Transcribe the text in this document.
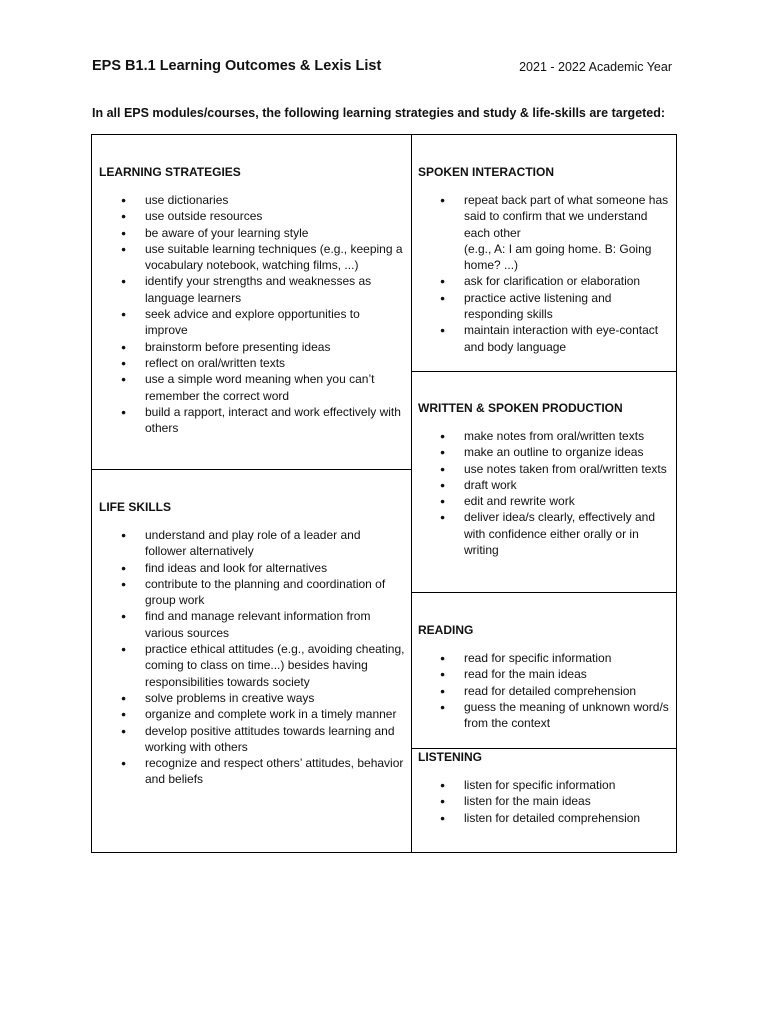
EPS B1.1 Learning Outcomes & Lexis List	2021 - 2022 Academic Year
In all EPS modules/courses, the following learning strategies and study & life-skills are targeted:
LEARNING STRATEGIES
● use dictionaries
● use outside resources
● be aware of your learning style
● use suitable learning techniques (e.g., keeping a vocabulary notebook, watching films, ...)
● identify your strengths and weaknesses as language learners
● seek advice and explore opportunities to improve
● brainstorm before presenting ideas
● reflect on oral/written texts
● use a simple word meaning when you can’t remember the correct word
● build a rapport, interact and work effectively with others
LIFE SKILLS
● understand and play role of a leader and follower alternatively
● find ideas and look for alternatives
● contribute to the planning and coordination of group work
● find and manage relevant information from various sources
● practice ethical attitudes (e.g., avoiding cheating, coming to class on time...) besides having responsibilities towards society
● solve problems in creative ways
● organize and complete work in a timely manner
● develop positive attitudes towards learning and working with others
● recognize and respect others’ attitudes, behavior and beliefs
SPOKEN INTERACTION
● repeat back part of what someone has said to confirm that we understand each other
(e.g., A: I am going home. B: Going home? ...)
● ask for clarification or elaboration
● practice active listening and responding skills
● maintain interaction with eye-contact and body language
WRITTEN & SPOKEN PRODUCTION
● make notes from oral/written texts
● make an outline to organize ideas
● use notes taken from oral/written texts
● draft work
● edit and rewrite work
● deliver idea/s clearly, effectively and with confidence either orally or in writing
READING
● read for specific information
● read for the main ideas
● read for detailed comprehension
● guess the meaning of unknown word/s from the context
LISTENING
● listen for specific information
● listen for the main ideas
● listen for detailed comprehension
